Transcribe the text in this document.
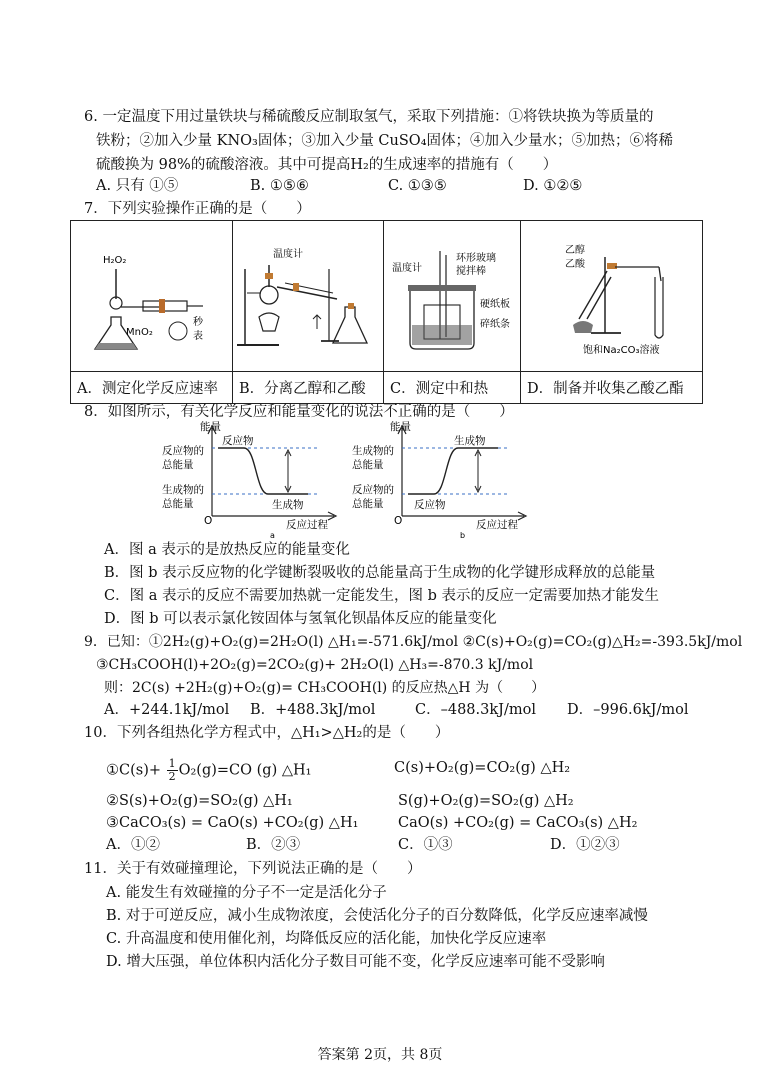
6. 一定温度下用过量铁块与稀硫酸反应制取氢气，采取下列措施：①将铁块换为等质量的
铁粉；②加入少量 KNO₃固体；③加入少量 CuSO₄固体；④加入少量水；⑤加热；⑥将稀
硫酸换为 98%的硫酸溶液。其中可提高H₂的生成速率的措施有（　　）
A. 只有 ①⑤	B. ①⑤⑥	C. ①③⑤	D. ①②⑤
7．下列实验操作正确的是（　　）
H₂O₂
MnO₂
秒
表	温度计	温度计
环形玻璃
搅拌棒
硬纸板
碎纸条	乙醇
乙酸
饱和Na₂CO₃溶液

A．测定化学反应速率	B．分离乙醇和乙酸	C．测定中和热	D．制备并收集乙酸乙酯
8．如图所示，有关化学反应和能量变化的说法不正确的是（　　）
能量
反应物的
总能量
生成物的
总能量
反应物
生成物
O	反应过程
a
能量
生成物的
总能量
反应物的
总能量
生成物
反应物
O	反应过程
b
A．图 a 表示的是放热反应的能量变化
B．图 b 表示反应物的化学键断裂吸收的总能量高于生成物的化学键形成释放的总能量
C．图 a 表示的反应不需要加热就一定能发生，图 b 表示的反应一定需要加热才能发生
D．图 b 可以表示氯化铵固体与氢氧化钡晶体反应的能量变化
9．已知：①2H₂(g)+O₂(g)=2H₂O(l) △H₁=-571.6kJ/mol ②C(s)+O₂(g)=CO₂(g)△H₂=-393.5kJ/mol
③CH₃COOH(l)+2O₂(g)=2CO₂(g)+ 2H₂O(l) △H₃=-870.3 kJ/mol
则：2C(s) +2H₂(g)+O₂(g)= CH₃COOH(l) 的反应热△H 为（　　）
A．+244.1kJ/mol B．+488.3kJ/mol	C．–488.3kJ/mol D．–996.6kJ/mol
10．下列各组热化学方程式中，△H₁>△H₂的是（　　）
①C(s)+ $\frac{1}{2} O_2(g)=CO$ (g) △H₁	C(s)+O₂(g)=CO₂(g) △H₂
②S(s)+O₂(g)=SO₂(g) △H₁	S(g)+O₂(g)=SO₂(g) △H₂
③CaCO₃(s) = CaO(s) +CO₂(g) △H₁	CaO(s) +CO₂(g) = CaCO₃(s) △H₂
A．①②	B．②③	C．①③	D．①②③
11．关于有效碰撞理论，下列说法正确的是（　　）
A. 能发生有效碰撞的分子不一定是活化分子
B. 对于可逆反应，减小生成物浓度，会使活化分子的百分数降低，化学反应速率减慢
C. 升高温度和使用催化剂，均降低反应的活化能，加快化学反应速率
D. 增大压强，单位体积内活化分子数目可能不变，化学反应速率可能不受影响
答案第 2页，共 8页
